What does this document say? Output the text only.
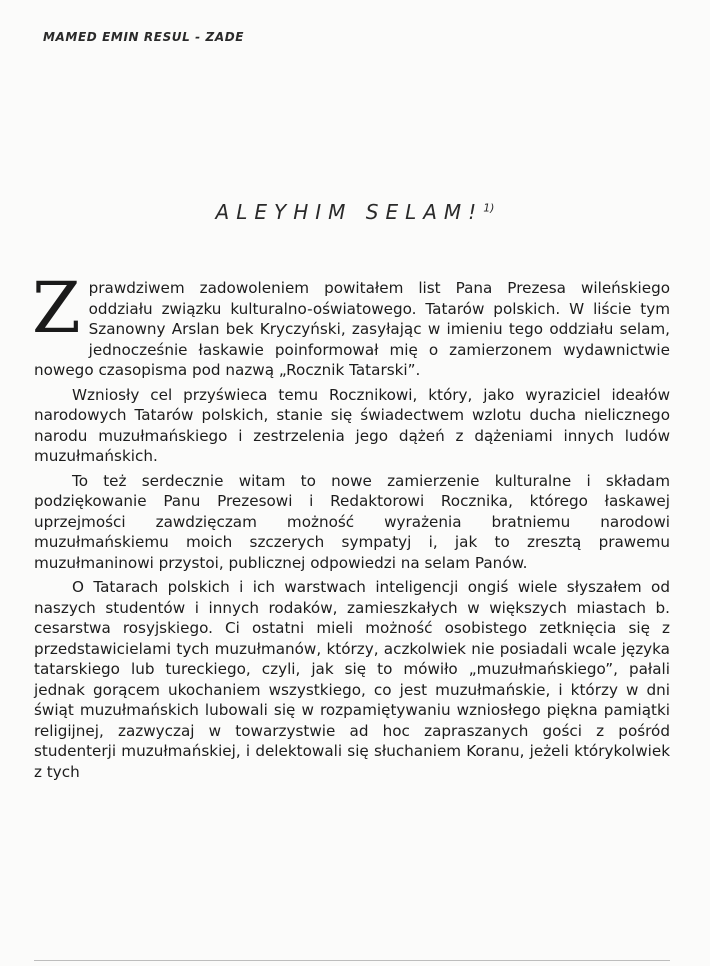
MAMED EMIN RESUL - ZADE
ALEYHIM SELAM!$^{1)}$

Zprawdziwem zadowoleniem powitałem list Pana Prezesa wileńskiego oddziału związku kulturalno-oświatowego. Tatarów polskich. W liście tym Szanowny Arslan bek Kryczyński, zasyłając w imieniu tego oddziału selam, jednocześnie łaskawie poinformował mię o zamierzonem wydawnictwie nowego czasopisma pod nazwą „Rocznik Tatarski”.

Wzniosły cel przyświeca temu Rocznikowi, który, jako wyraziciel ideałów narodowych Tatarów polskich, stanie się świadectwem wzlotu ducha nielicznego narodu muzułmańskiego i zestrzelenia jego dążeń z dążeniami innych ludów muzułmańskich.

To też serdecznie witam to nowe zamierzenie kulturalne i składam podziękowanie Panu Prezesowi i Redaktorowi Rocznika, którego łaskawej uprzejmości zawdzięczam możność wyrażenia bratniemu narodowi muzułmańskiemu moich szczerych sympatyj i, jak to zresztą prawemu muzułmaninowi przystoi, publicznej odpowiedzi na selam Panów.

O Tatarach polskich i ich warstwach inteligencji ongiś wiele słyszałem od naszych studentów i innych rodaków, zamieszkałych w większych miastach b. cesarstwa rosyjskiego. Ci ostatni mieli możność osobistego zetknięcia się z przedstawicielami tych muzułmanów, którzy, aczkolwiek nie posiadali wcale języka tatarskiego lub tureckiego, czyli, jak się to mówiło „muzułmańskiego”, pałali jednak gorącem ukochaniem wszystkiego, co jest muzułmańskie, i którzy w dni świąt muzułmańskich lubowali się w rozpamiętywaniu wzniosłego piękna pamiątki religijnej, zazwyczaj w towarzystwie ad hoc zapraszanych gości z pośród studenterji muzułmańskiej, i delektowali się słuchaniem Koranu, jeżeli którykolwiek z tych
